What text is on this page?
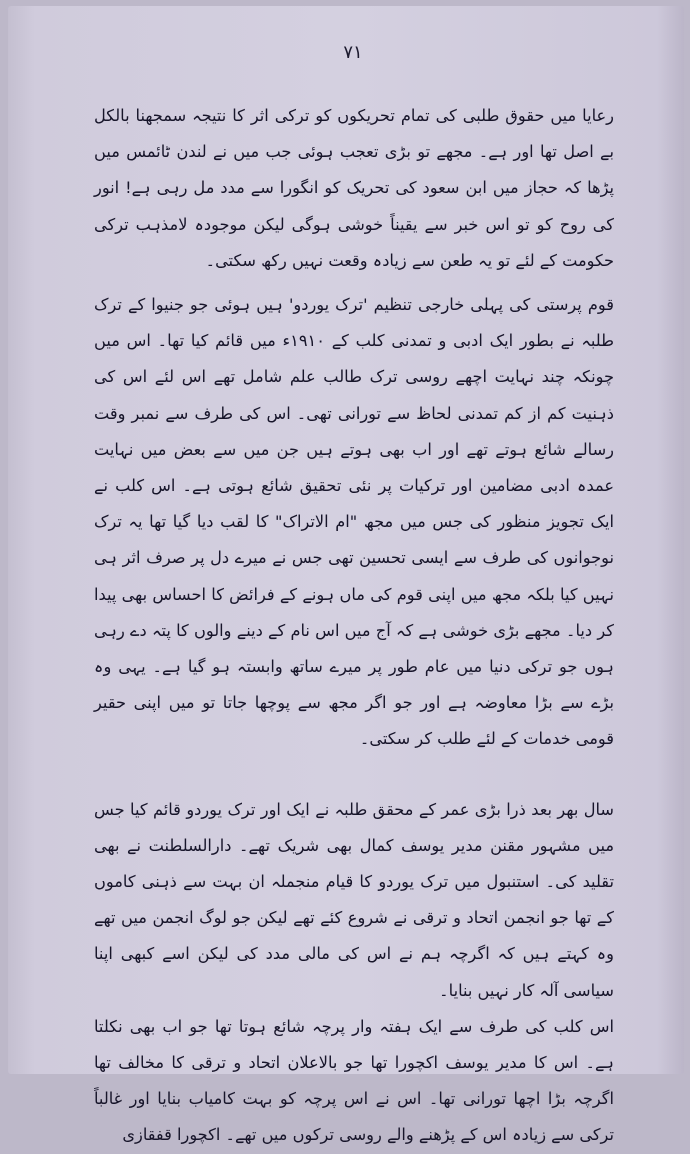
۷۱

رعایا میں حقوق طلبی کی تمام تحریکوں کو ترکی اثر کا نتیجہ سمجھنا بالکل بے اصل تھا اور ہے۔ مجھے تو بڑی تعجب ہوئی جب میں نے لندن ٹائمس میں پڑھا کہ حجاز میں ابن سعود کی تحریک کو انگورا سے مدد مل رہی ہے! انور کی روح کو تو اس خبر سے یقیناً خوشی ہوگی لیکن موجودہ لامذہب ترکی حکومت کے لئے تو یہ طعن سے زیادہ وقعت نہیں رکھ سکتی۔

قوم پرستی کی پہلی خارجی تنظیم 'ترک یوردو' ہیں ہوئی جو جنیوا کے ترک طلبہ نے بطور ایک ادبی و تمدنی کلب کے ۱۹۱۰ء میں قائم کیا تھا۔ اس میں چونکہ چند نہایت اچھے روسی ترک طالب علم شامل تھے اس لئے اس کی ذہنیت کم از کم تمدنی لحاظ سے تورانی تھی۔ اس کی طرف سے نمبر وقت رسالے شائع ہوتے تھے اور اب بھی ہوتے ہیں جن میں سے بعض میں نہایت عمدہ ادبی مضامین اور ترکیات پر نئی تحقیق شائع ہوتی ہے۔ اس کلب نے ایک تجویز منظور کی جس میں مجھ "ام الاتراک" کا لقب دیا گیا تھا یہ ترک نوجوانوں کی طرف سے ایسی تحسین تھی جس نے میرے دل پر صرف اثر ہی نہیں کیا بلکہ مجھ میں اپنی قوم کی ماں ہونے کے فرائض کا احساس بھی پیدا کر دیا۔ مجھے بڑی خوشی ہے کہ آج میں اس نام کے دینے والوں کا پتہ دے رہی ہوں جو ترکی دنیا میں عام طور پر میرے ساتھ وابستہ ہو گیا ہے۔ یہی وہ بڑے سے بڑا معاوضہ ہے اور جو اگر مجھ سے پوچھا جاتا تو میں اپنی حقیر قومی خدمات کے لئے طلب کر سکتی۔

سال بھر بعد ذرا بڑی عمر کے محقق طلبہ نے ایک اور ترک یوردو قائم کیا جس میں مشہور مقنن مدیر یوسف کمال بھی شریک تھے۔ دارالسلطنت نے بھی تقلید کی۔ استنبول میں ترک یوردو کا قیام منجملہ ان بہت سے ذہنی کاموں کے تھا جو انجمن اتحاد و ترقی نے شروع کئے تھے لیکن جو لوگ انجمن میں تھے وہ کہتے ہیں کہ اگرچہ ہم نے اس کی مالی مدد کی لیکن اسے کبھی اپنا سیاسی آلہ کار نہیں بنایا۔

اس کلب کی طرف سے ایک ہفتہ وار پرچہ شائع ہوتا تھا جو اب بھی نکلتا ہے۔ اس کا مدیر یوسف اکچورا تھا جو بالاعلان اتحاد و ترقی کا مخالف تھا اگرچہ بڑا اچھا تورانی تھا۔ اس نے اس پرچہ کو بہت کامیاب بنایا اور غالباً ترکی سے زیادہ اس کے پڑھنے والے روسی ترکوں میں تھے۔ اکچورا قفقازی
